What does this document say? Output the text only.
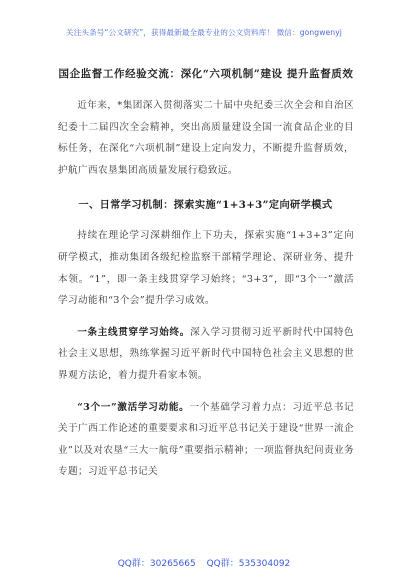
关注头条号“公文研究”，获得最新最全最专业的公文资料库！ 微信：gongwenyj
国企监督工作经验交流：深化“六项机制”建设 提升监督质效

近年来，*集团深入贯彻落实二十届中央纪委三次全会和自治区纪委十二届四次全会精神，突出高质量建设全国一流食品企业的目标任务，在深化“六项机制”建设上定向发力，不断提升监督质效，护航广西农垦集团高质量发展行稳致远。

一、日常学习机制：探索实施“1+3+3”定向研学模式

持续在理论学习深耕细作上下功夫，探索实施“1+3+3”定向研学模式，推动集团各级纪检监察干部精学理论、深研业务、提升本领。“1”，即一条主线贯穿学习始终；“3+3”，即“3个一”激活学习动能和“3个会”提升学习成效。

一条主线贯穿学习始终。深入学习贯彻习近平新时代中国特色社会主义思想，熟练掌握习近平新时代中国特色社会主义思想的世界观方法论，着力提升看家本领。

“3个一”激活学习动能。一个基础学习着力点：习近平总书记关于广西工作论述的重要要求和习近平总书记关于建设“世界一流企业”以及对农垦“三大一航母”重要指示精神；一项监督执纪问责业务专题；习近平总书记关

QQ群：30265665 QQ群：535304092
